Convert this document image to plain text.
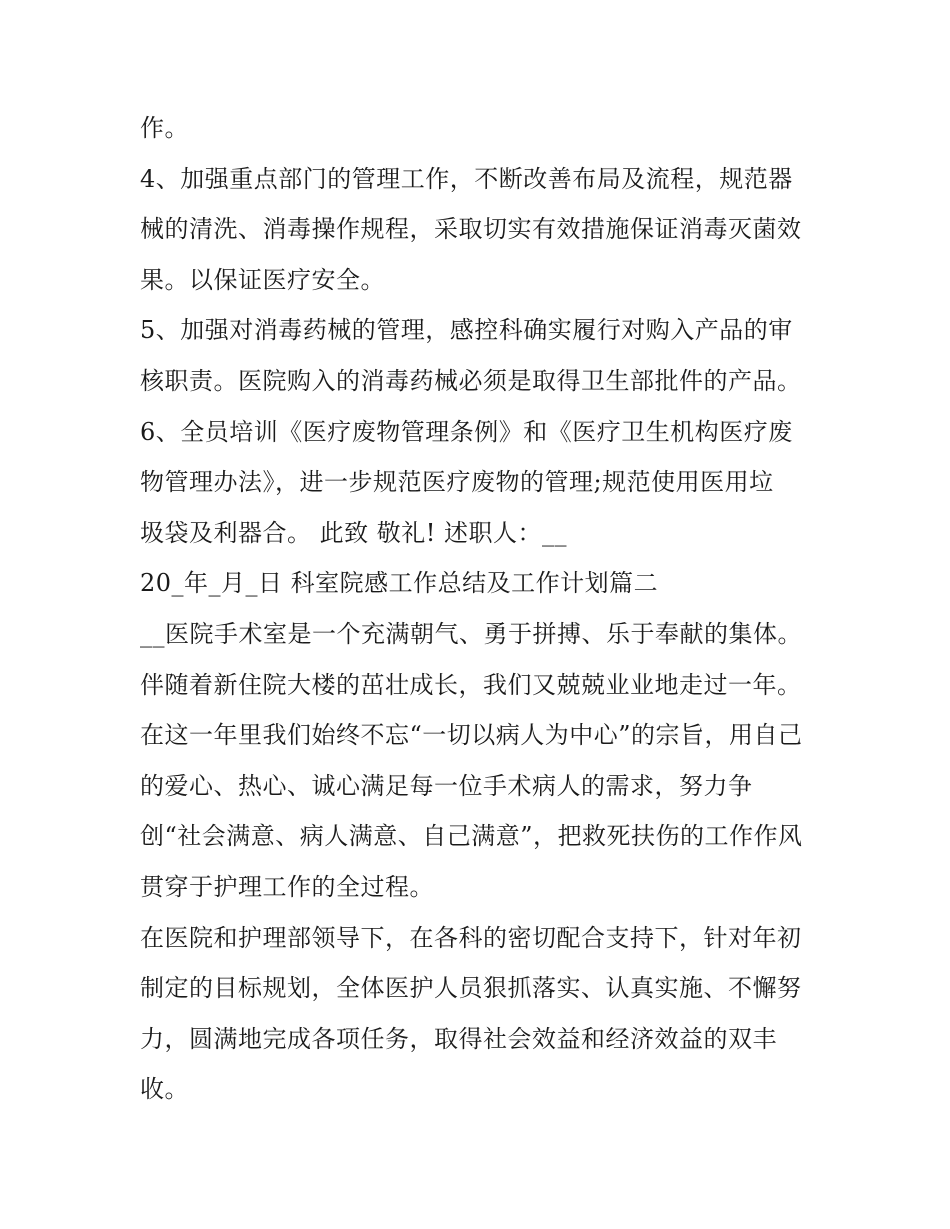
作。
4、加强重点部门的管理工作，不断改善布局及流程，规范器
械的清洗、消毒操作规程，采取切实有效措施保证消毒灭菌效
果。以保证医疗安全。
5、加强对消毒药械的管理，感控科确实履行对购入产品的审
核职责。医院购入的消毒药械必须是取得卫生部批件的产品。
6、全员培训《医疗废物管理条例》和《医疗卫生机构医疗废
物管理办法》，进一步规范医疗废物的管理;规范使用医用垃
圾袋及利器合。 此致 敬礼! 述职人：__
20_年_月_日 科室院感工作总结及工作计划篇二
__医院手术室是一个充满朝气、勇于拼搏、乐于奉献的集体。
伴随着新住院大楼的茁壮成长，我们又兢兢业业地走过一年。
在这一年里我们始终不忘“一切以病人为中心”的宗旨，用自己
的爱心、热心、诚心满足每一位手术病人的需求，努力争
创“社会满意、病人满意、自己满意”，把救死扶伤的工作作风
贯穿于护理工作的全过程。
在医院和护理部领导下，在各科的密切配合支持下，针对年初
制定的目标规划，全体医护人员狠抓落实、认真实施、不懈努
力，圆满地完成各项任务，取得社会效益和经济效益的双丰
收。
